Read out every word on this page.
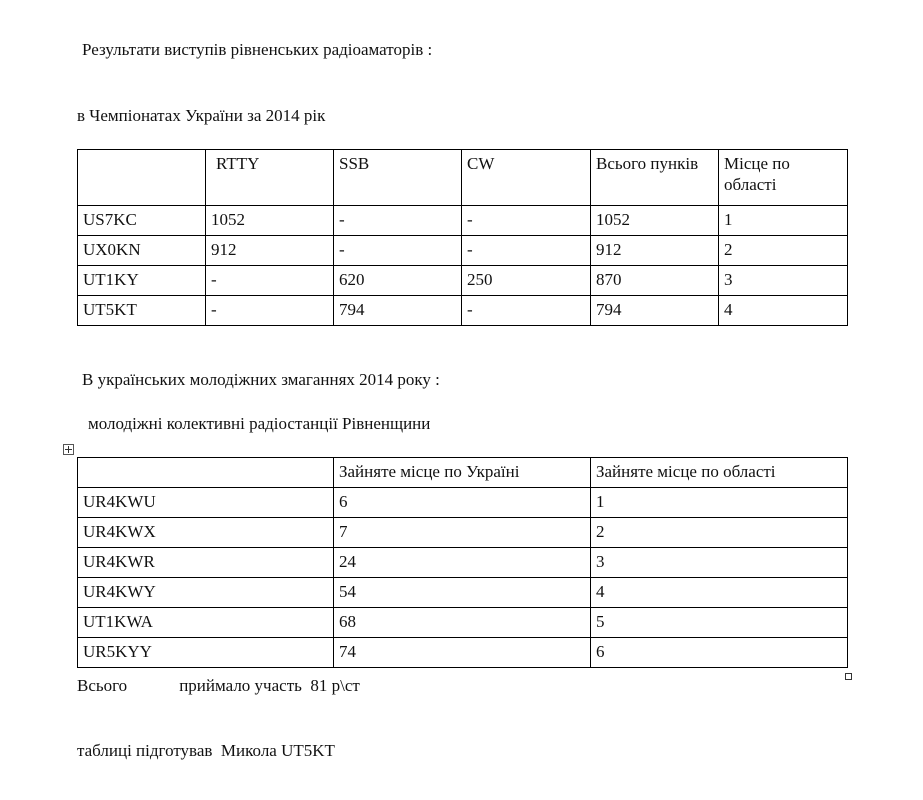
Результати виступів рівненських радіоаматорів :
в Чемпіонатах України за 2014 рік
	RTTY	SSB	CW	Всього пунків	Місце по області
US7KC	1052	-	-	1052	1
UX0KN	912	-	-	912	2
UT1KY	-	620	250	870	3
UT5KT	-	794	-	794	4
В українських молодіжних змаганнях 2014 року :
молодіжні колективні радіостанції Рівненщини
	Зайняте місце по Україні	Зайняте місце по області
UR4KWU	6	1
UR4KWX	7	2
UR4KWR	24	3
UR4KWY	54	4
UT1KWA	68	5
UR5KYY	74	6
Всього	приймало участь  81 р\ст
таблиці підготував  Микола UT5KT
